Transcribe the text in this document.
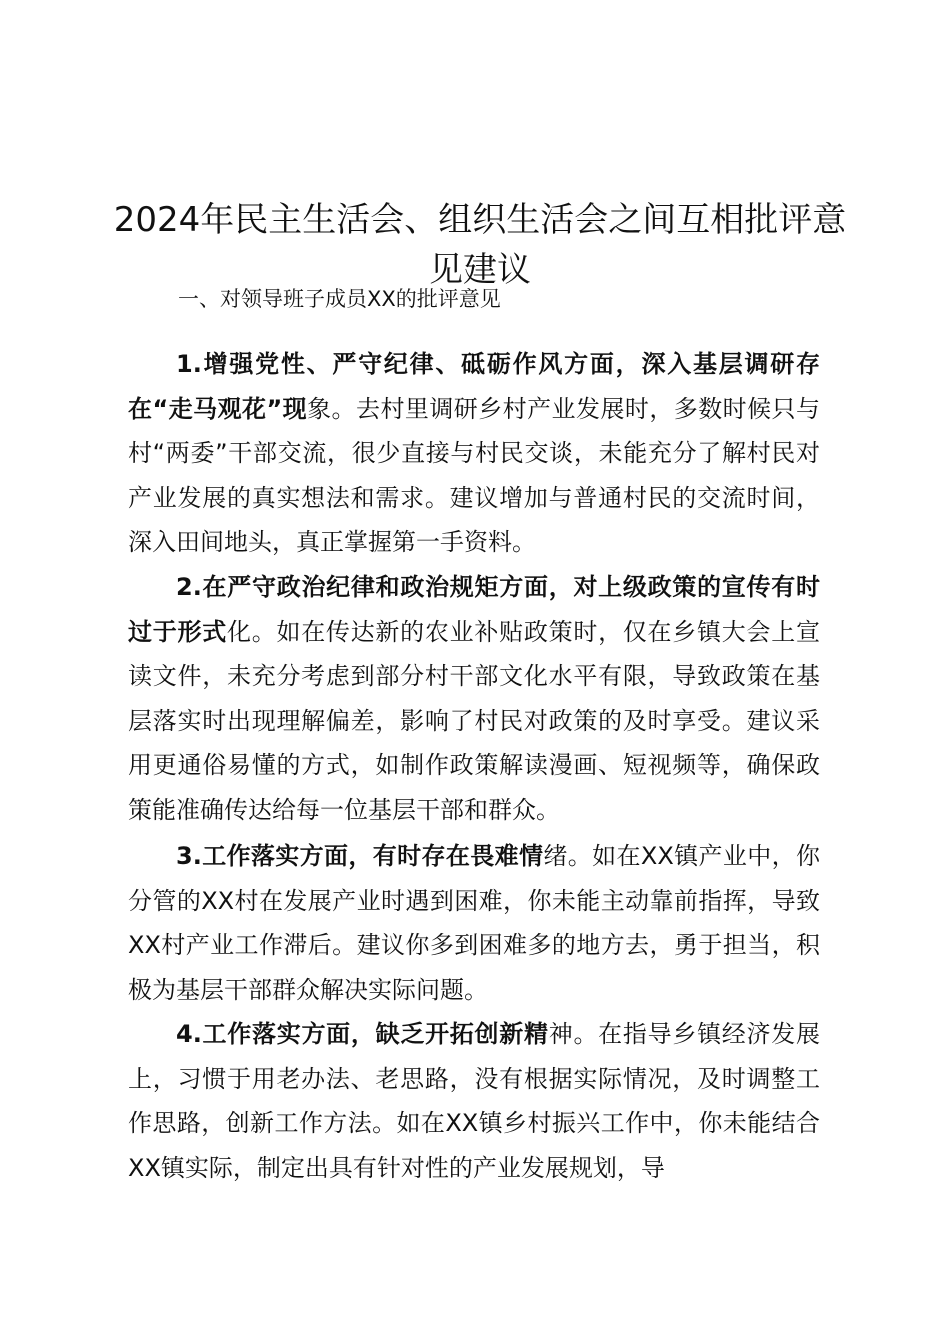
2024年民主生活会、组织生活会之间互相批评意见建议
一、对领导班子成员XX的批评意见

1.增强党性、严守纪律、砥砺作风方面，深入基层调研存在“走马观花”现象。去村里调研乡村产业发展时，多数时候只与村“两委”干部交流，很少直接与村民交谈，未能充分了解村民对产业发展的真实想法和需求。建议增加与普通村民的交流时间，深入田间地头，真正掌握第一手资料。

2.在严守政治纪律和政治规矩方面，对上级政策的宣传有时过于形式化。如在传达新的农业补贴政策时，仅在乡镇大会上宣读文件，未充分考虑到部分村干部文化水平有限，导致政策在基层落实时出现理解偏差，影响了村民对政策的及时享受。建议采用更通俗易懂的方式，如制作政策解读漫画、短视频等，确保政策能准确传达给每一位基层干部和群众。

3.工作落实方面，有时存在畏难情绪。如在XX镇产业中，你分管的XX村在发展产业时遇到困难，你未能主动靠前指挥，导致XX村产业工作滞后。建议你多到困难多的地方去，勇于担当，积极为基层干部群众解决实际问题。

4.工作落实方面，缺乏开拓创新精神。在指导乡镇经济发展上，习惯于用老办法、老思路，没有根据实际情况，及时调整工作思路，创新工作方法。如在XX镇乡村振兴工作中，你未能结合XX镇实际，制定出具有针对性的产业发展规划，导
